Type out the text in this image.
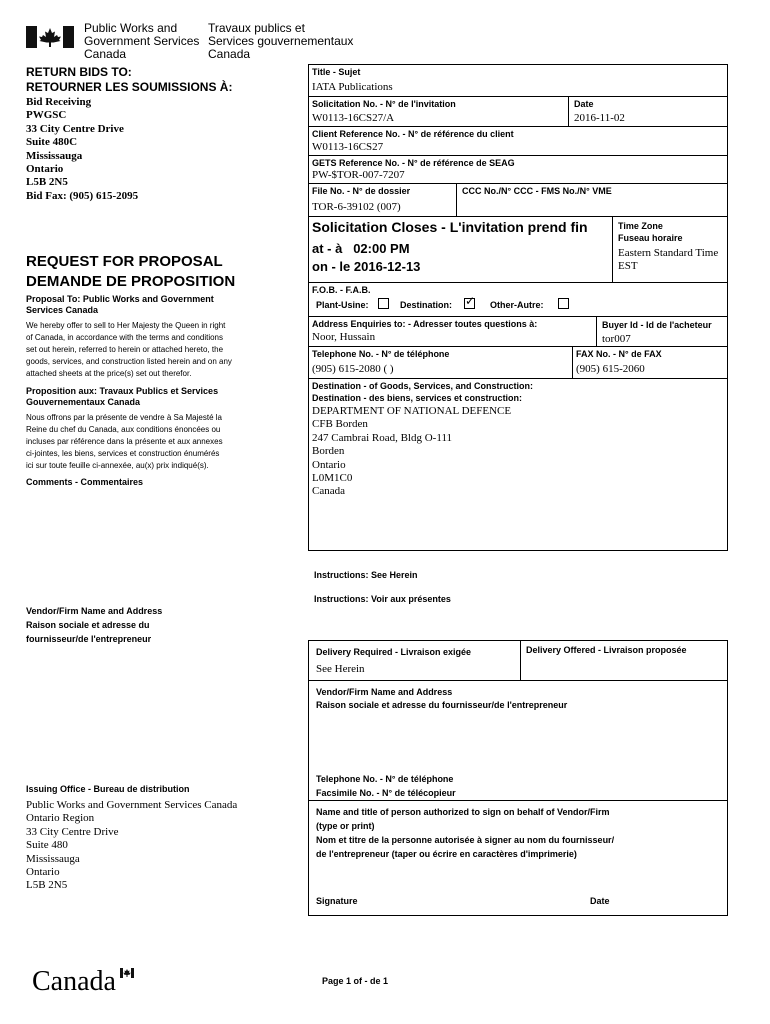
Public Works and
Government Services
Canada
Travaux publics et
Services gouvernementaux
Canada
RETURN BIDS TO:
RETOURNER LES SOUMISSIONS À:
Bid Receiving
PWGSC
33 City Centre Drive
Suite 480C
Mississauga
Ontario
L5B 2N5
Bid Fax: (905) 615-2095
REQUEST FOR PROPOSAL
DEMANDE DE PROPOSITION
Proposal To: Public Works and Government
Services Canada
We hereby offer to sell to Her Majesty the Queen in right
of Canada, in accordance with the terms and conditions
set out herein, referred to herein or attached hereto, the
goods, services, and construction listed herein and on any
attached sheets at the price(s) set out therefor.
Proposition aux: Travaux Publics et Services
Gouvernementaux Canada
Nous offrons par la présente de vendre à Sa Majesté la
Reine du chef du Canada, aux conditions énoncées ou
incluses par référence dans la présente et aux annexes
ci-jointes, les biens, services et construction énumérés
ici sur toute feuille ci-annexée, au(x) prix indiqué(s).
Comments - Commentaires
Vendor/Firm Name and Address
Raison sociale et adresse du
fournisseur/de l'entrepreneur
Issuing Office - Bureau de distribution
Public Works and Government Services Canada
Ontario Region
33 City Centre Drive
Suite 480
Mississauga
Ontario
L5B 2N5
Title - Sujet
IATA Publications
Solicitation No. - N° de l'invitation
W0113-16CS27/A
Date
2016-11-02
Client Reference No. - N° de référence du client
W0113-16CS27
GETS Reference No. - N° de référence de SEAG
PW-$TOR-007-7207
File No. - N° de dossier
TOR-6-39102 (007)
CCC No./N° CCC - FMS No./N° VME
Solicitation Closes - L'invitation prend fin
at - à 02:00 PM
on - le 2016-12-13
Time Zone
Fuseau horaire
Eastern Standard Time
EST
F.O.B. - F.A.B.
Plant-Usine:	Destination: ✓ Other-Autre:
Address Enquiries to: - Adresser toutes questions à:
Noor, Hussain
Buyer Id - Id de l'acheteur
tor007
Telephone No. - N° de téléphone
(905) 615-2080 ( )
FAX No. - N° de FAX
(905) 615-2060
Destination - of Goods, Services, and Construction:
Destination - des biens, services et construction:
DEPARTMENT OF NATIONAL DEFENCE
CFB Borden
247 Cambrai Road, Bldg O-111
Borden
Ontario
L0M1C0
Canada
Instructions: See Herein
Instructions: Voir aux présentes
Delivery Required - Livraison exigée
See Herein
Delivery Offered - Livraison proposée
Vendor/Firm Name and Address
Raison sociale et adresse du fournisseur/de l'entrepreneur
Telephone No. - N° de téléphone
Facsimile No. - N° de télécopieur
Name and title of person authorized to sign on behalf of Vendor/Firm
(type or print)
Nom et titre de la personne autorisée à signer au nom du fournisseur/
de l'entrepreneur (taper ou écrire en caractères d'imprimerie)
Signature	Date
Page 1 of - de 1
Canada
